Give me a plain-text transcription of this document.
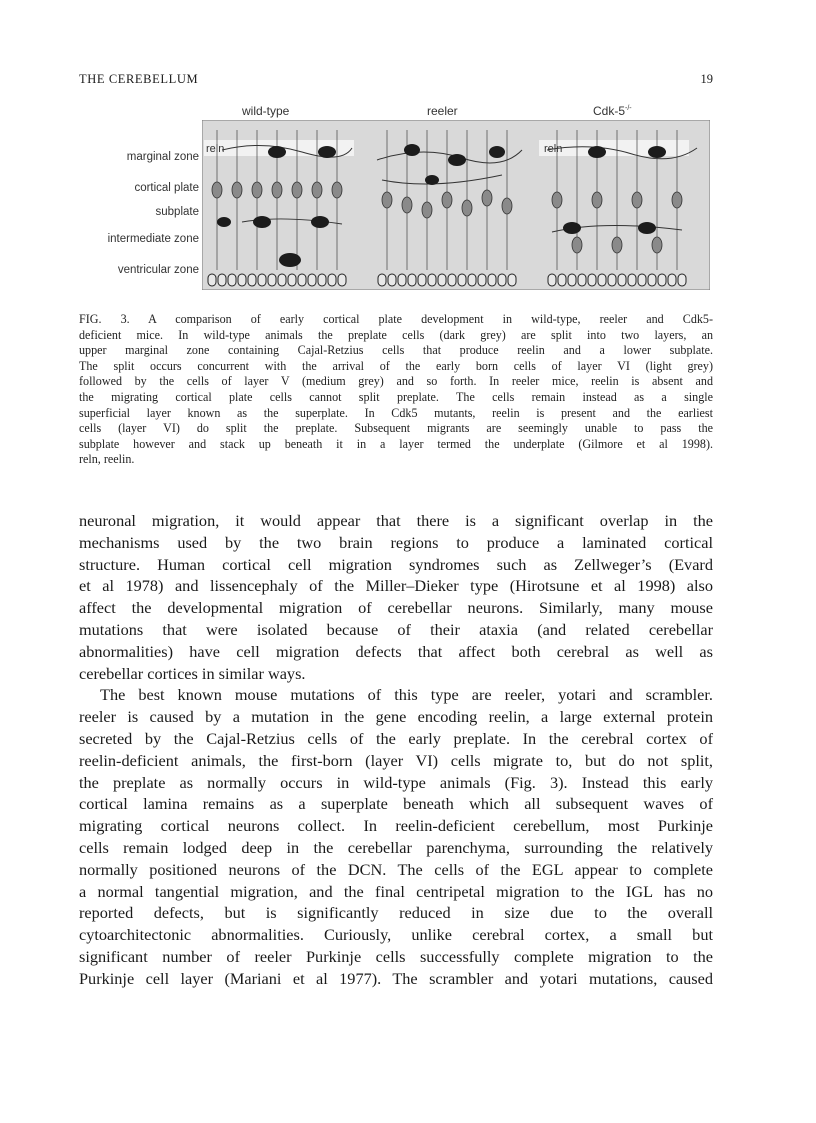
THE CEREBELLUM	19
wild-type	reeler	Cdk-5-/-
marginal zone
cortical plate
subplate
intermediate zone
ventricular zone
reln	reln
FIG. 3. A comparison of early cortical plate development in wild-type, reeler and Cdk5-
deficient mice. In wild-type animals the preplate cells (dark grey) are split into two layers, an
upper marginal zone containing Cajal-Retzius cells that produce reelin and a lower subplate.
The split occurs concurrent with the arrival of the early born cells of layer VI (light grey)
followed by the cells of layer V (medium grey) and so forth. In reeler mice, reelin is absent and
the migrating cortical plate cells cannot split preplate. The cells remain instead as a single
superficial layer known as the superplate. In Cdk5 mutants, reelin is present and the earliest
cells (layer VI) do split the preplate. Subsequent migrants are seemingly unable to pass the
subplate however and stack up beneath it in a layer termed the underplate (Gilmore et al 1998).
reln, reelin.

neuronal migration, it would appear that there is a significant overlap in the
mechanisms used by the two brain regions to produce a laminated cortical
structure. Human cortical cell migration syndromes such as Zellweger’s (Evard
et al 1978) and lissencephaly of the Miller–Dieker type (Hirotsune et al 1998) also
affect the developmental migration of cerebellar neurons. Similarly, many mouse
mutations that were isolated because of their ataxia (and related cerebellar
abnormalities) have cell migration defects that affect both cerebral as well as
cerebellar cortices in similar ways.

The best known mouse mutations of this type are reeler, yotari and scrambler.
reeler is caused by a mutation in the gene encoding reelin, a large external protein
secreted by the Cajal-Retzius cells of the early preplate. In the cerebral cortex of
reelin-deficient animals, the first-born (layer VI) cells migrate to, but do not split,
the preplate as normally occurs in wild-type animals (Fig. 3). Instead this early
cortical lamina remains as a superplate beneath which all subsequent waves of
migrating cortical neurons collect. In reelin-deficient cerebellum, most Purkinje
cells remain lodged deep in the cerebellar parenchyma, surrounding the relatively
normally positioned neurons of the DCN. The cells of the EGL appear to complete
a normal tangential migration, and the final centripetal migration to the IGL has no
reported defects, but is significantly reduced in size due to the overall
cytoarchitectonic abnormalities. Curiously, unlike cerebral cortex, a small but
significant number of reeler Purkinje cells successfully complete migration to the
Purkinje cell layer (Mariani et al 1977). The scrambler and yotari mutations, caused
